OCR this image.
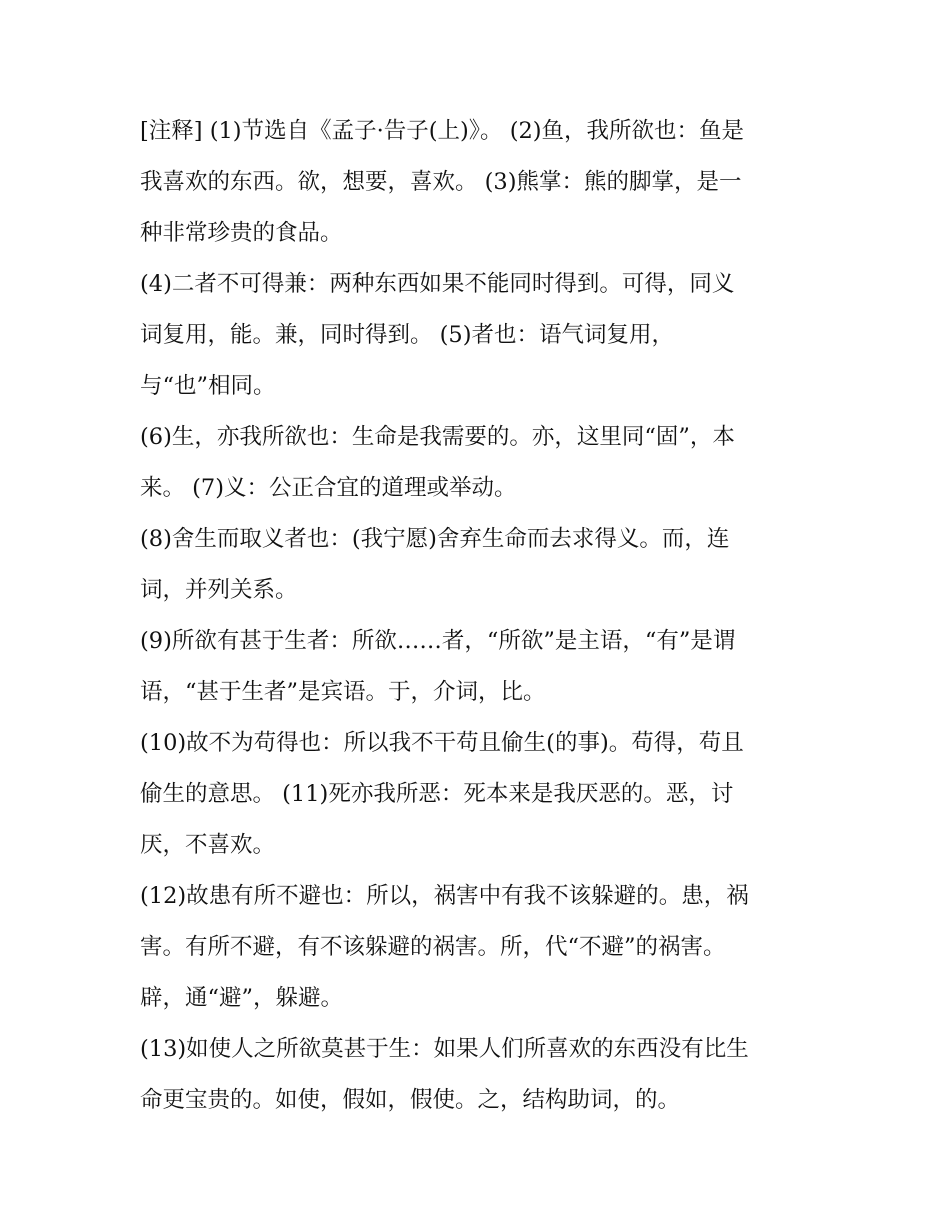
[注释] (1)节选自《孟子·告子(上)》。 (2)鱼，我所欲也：鱼是
我喜欢的东西。欲，想要，喜欢。 (3)熊掌：熊的脚掌，是一
种非常珍贵的食品。
(4)二者不可得兼：两种东西如果不能同时得到。可得，同义
词复用，能。兼，同时得到。 (5)者也：语气词复用，
与“也”相同。
(6)生，亦我所欲也：生命是我需要的。亦，这里同“固”，本
来。 (7)义：公正合宜的道理或举动。
(8)舍生而取义者也：(我宁愿)舍弃生命而去求得义。而，连
词，并列关系。
(9)所欲有甚于生者：所欲……者，“所欲”是主语，“有”是谓
语，“甚于生者”是宾语。于，介词，比。
(10)故不为苟得也：所以我不干苟且偷生(的事)。苟得，苟且
偷生的意思。 (11)死亦我所恶：死本来是我厌恶的。恶，讨
厌，不喜欢。
(12)故患有所不避也：所以，祸害中有我不该躲避的。患，祸
害。有所不避，有不该躲避的祸害。所，代“不避”的祸害。
辟，通“避”，躲避。
(13)如使人之所欲莫甚于生：如果人们所喜欢的东西没有比生
命更宝贵的。如使，假如，假使。之，结构助词，的。
